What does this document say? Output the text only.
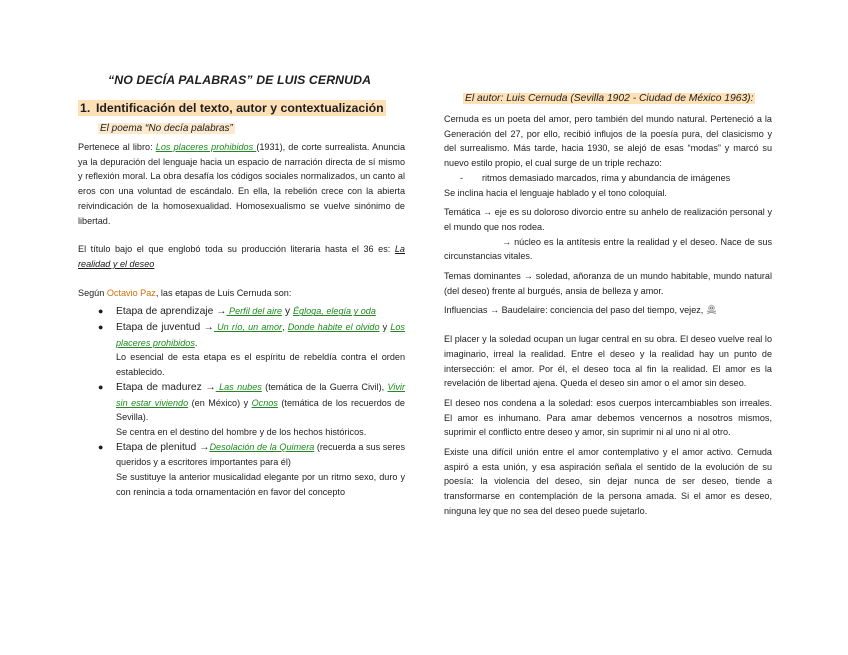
“NO DECÍA PALABRAS” DE LUIS CERNUDA
1. Identificación del texto, autor y contextualización
El poema “No decía palabras”

Pertenece al libro: Los placeres prohibidos (1931), de corte surrealista. Anuncia ya la depuración del lenguaje hacia un espacio de narración directa de sí mismo y reflexión moral. La obra desafía los códigos sociales normalizados, un canto al eros con una voluntad de escándalo. En ella, la rebelión crece con la abierta reivindicación de la homosexualidad. Homosexualismo se vuelve sinónimo de libertad.

El título bajo el que englobó toda su producción literaria hasta el 36 es: La realidad y el deseo

Según Octavio Paz, las etapas de Luis Cernuda son:

● Etapa de aprendizaje → Perfil del aire y Égloga, elegía y oda
● Etapa de juventud → Un río, un amor, Donde habite el olvido y Los placeres prohibidos.
Lo esencial de esta etapa es el espíritu de rebeldía contra el orden establecido.
● Etapa de madurez → Las nubes (temática de la Guerra Civil), Vivir sin estar viviendo (en México) y Ocnos (temática de los recuerdos de Sevilla).
Se centra en el destino del hombre y de los hechos históricos.
● Etapa de plenitud →Desolación de la Quimera (recuerda a sus seres queridos y a escritores importantes para él)
Se sustituye la anterior musicalidad elegante por un ritmo sexo, duro y con renincia a toda ornamentación en favor del concepto
El autor: Luis Cernuda (Sevilla 1902 - Ciudad de México 1963):

Cernuda es un poeta del amor, pero también del mundo natural. Perteneció a la Generación del 27, por ello, recibió influjos de la poesía pura, del clasicismo y del surrealismo. Más tarde, hacia 1930, se alejó de esas “modas” y marcó su nuevo estilo propio, el cual surge de un triple rechazo:

- ritmos demasiado marcados, rima y abundancia de imágenes

Se inclina hacia el lenguaje hablado y el tono coloquial.

Temática → eje es su doloroso divorcio entre su anhelo de realización personal y el mundo que nos rodea.

→ núcleo es la antítesis entre la realidad y el deseo. Nace de sus circunstancias vitales.

Temas dominantes → soledad, añoranza de un mundo habitable, mundo natural (del deseo) frente al burgués, ansia de belleza y amor.

Influencias → Baudelaire: conciencia del paso del tiempo, vejez,

El placer y la soledad ocupan un lugar central en su obra. El deseo vuelve real lo imaginario, irreal la realidad. Entre el deseo y la realidad hay un punto de intersección: el amor. Por él, el deseo toca al fin la realidad. El amor es la revelación de libertad ajena. Queda el deseo sin amor o el amor sin deseo.

El deseo nos condena a la soledad: esos cuerpos intercambiables son irreales. El amor es inhumano. Para amar debemos vencernos a nosotros mismos, suprimir el conflicto entre deseo y amor, sin suprimir ni al uno ni al otro.

Existe una difícil unión entre el amor contemplativo y el amor activo. Cernuda aspiró a esta unión, y esa aspiración señala el sentido de la evolución de su poesía: la violencia del deseo, sin dejar nunca de ser deseo, tiende a transformarse en contemplación de la persona amada. Si el amor es deseo, ninguna ley que no sea del deseo puede sujetarlo.
